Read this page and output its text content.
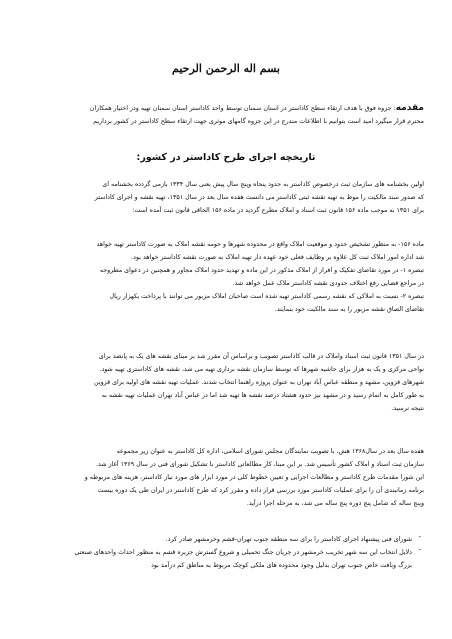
بسم اله الرحمن الرحیم

مقدمه: جزوه فوق با هدف ارتقاء سطح کاداستر در استان سمنان توسط واحد کاداستر استان سمنان تهیه ودر اختیار همکاران
محترم قرار میگیرد امید است بتوانیم با اطلاعات مندرج در این جزوه گامهای موثری جهت ارتقاء سطح کاداستر در کشور برداریم

تاریخچه اجرای طرح کاداستر در کشور:

اولین بخشنامه های سازمان ثبت درخصوص کاداستر به حدود پنجاه وپنج سال پیش یعنی سال ۱۳۳۴ بازمی گردده بخشنامه ای
که صدور سند مالکیت را موط به تهیه نقشه ثبتی کاداستر می دانست هفده سال بعد در سال ۱۳۵۱، تهیه نقشه و اجرای کاداستر
برای ۱۳۵۱ به موجب ماده ۱۵۶ قانون ثبت اسناد و املاک مطرح گردید در ماده ۱۵۶ الحاقی قانون ثبت آمده است:

ماده ۱۵۶- به منظور تشخیص حدود و موقعیت املاک واقع در محدوده شهرها و حومه نقشه املاک به صورت کاداستر تهیه خواهد
شد اداره امور املاک ثبت کل علاوه بر وظایف فعلی خود عهده دار تهیه املاک به صورت نقشه کاداستر خواهد بود.
تبصره ۱- در مورد تقاضای تفکیک و افراز از املاک مذکور در این ماده و تهدید حدود املاک مجاور و همچنین در دعوای مطروحه
در مراجع قضایی رفع اختلاف حدودی نقشه کاداستر ملاک عمل خواهد شد.
تبصره ۲- نسبت به املاکی که نقشه رسمی کاداستر تهیه شده است صاحبان املاک مزبور می توانند با پرداخت یکهزار ریال
تقاضای الصاق نقشه مزبور را به سند مالکیت خود بنمایند.

در سال ۱۳۵۱ قانون ثبت اسناد واملاک در قالب کاداستر تصویب و براساس آن مقرر شد بر مبنای نقشه های یک به پانصد برای
نواحی مرکزی و یک به هزار برای حاشیه شهرها که توسط سازمان نقشه برداری تهیه می شد، نقشه های کاداستری تهیه شود.
شهرهای قزوین، مشهد و منطقه عباس آباد تهران به عنوان پروژه راهنما انتخاب شدند. عملیات تهیه نقشه های اولیه برای قزوین
به طور کامل به اتمام رسید و در مشهد نیز حدود هشتاد درصد نقشه ها تهیه شد اما در عباس آباد تهران عملیات تهیه نقشه به
نتیجه نرسید.

هفده سال بعد در سال۱۳۶۸ هش، با تصویب نمایندگان مجلس شورای اسلامی، اداره کل کاداستر به عنوان زیر مجموعه
سازمان ثبت اسناد و املاک کشور تأسیس شد. بر این مبنا، کار مطالعاتی کاداستر با تشکیل شورای فنی در سال ۱۳۶۹ آغاز شد.
این شورا مقدمات طرح کاداستر و مطالعات اجرایی و تعیین خطوط کلی در مورد ابزار های مورد نیاز کاداستر، هزینه های مربوطه و
برنامه زمانبندی آن را برای عملیات کاداستر مورد بررسی قرار داده و مقرر کرد که طرح کاداستر در ایران طی یک دوره بیست
وپنج ساله که شامل پنج دوره پنج ساله می شد، به مرحله اجرا درآید.

- شورای فنی پیشنهاد اجرای کاداستر را برای سه منطقه جنوب تهران-قشم وخرمشهر صادر کرد.
- دلایل انتخاب این سه شهر تخریب خرمشهر در جریان جنگ تحمیلی و شروع گسترش جزیره قشم به منظور احداث واحدهای صنعتی
بزرگ وبافت خاص جنوب تهران بدلیل وجود محدوده های ملکی کوچک مربوط به مناطق کم درآمد بود
